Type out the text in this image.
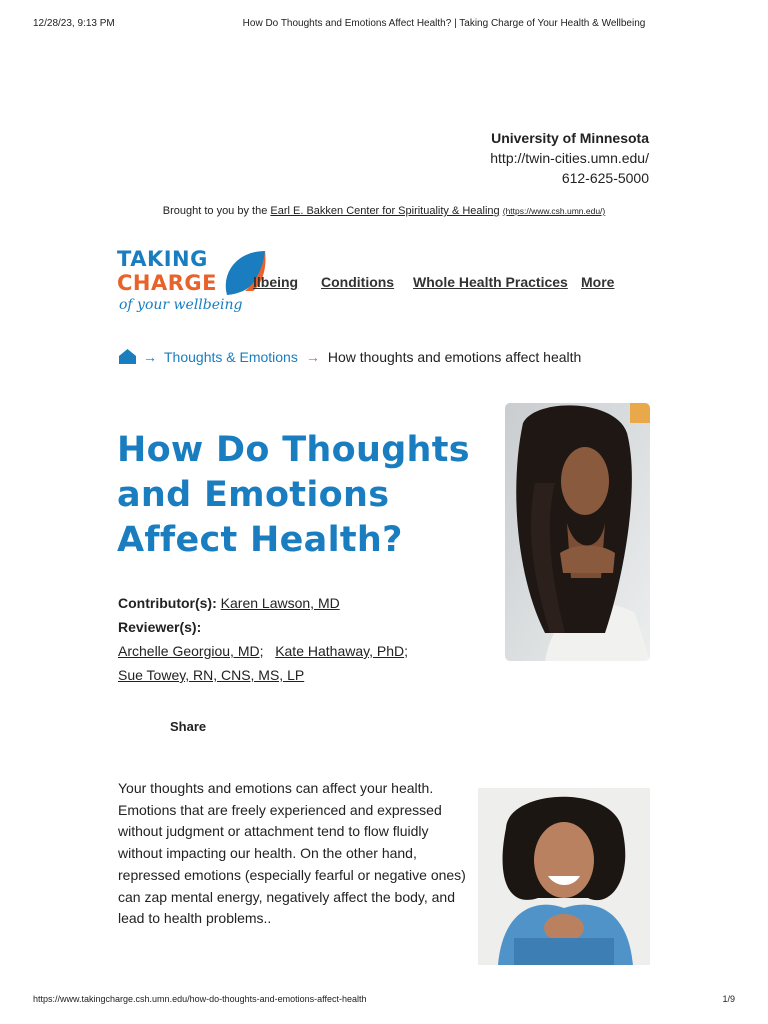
12/28/23, 9:13 PM	How Do Thoughts and Emotions Affect Health? | Taking Charge of Your Health & Wellbeing
University of Minnesota
http://twin-cities.umn.edu/
612-625-5000
Brought to you by the Earl E. Bakken Center for Spirituality & Healing (https://www.csh.umn.edu/)
TAKING
CHARGE
of your wellbeing
llbeing Conditions Whole Health Practices More
→ Thoughts & Emotions → How thoughts and emotions affect health
How Do Thoughts
and Emotions
Affect Health?
Contributor(s): Karen Lawson, MD
Reviewer(s):
Archelle Georgiou, MD;   Kate Hathaway, PhD;
Sue Towey, RN, CNS, MS, LP
Share
Your thoughts and emotions can affect your health. Emotions that are freely experienced and expressed without judgment or attachment tend to flow fluidly without impacting our health. On the other hand, repressed emotions (especially fearful or negative ones) can zap mental energy, negatively affect the body, and lead to health problems..
https://www.takingcharge.csh.umn.edu/how-do-thoughts-and-emotions-affect-health	1/9
